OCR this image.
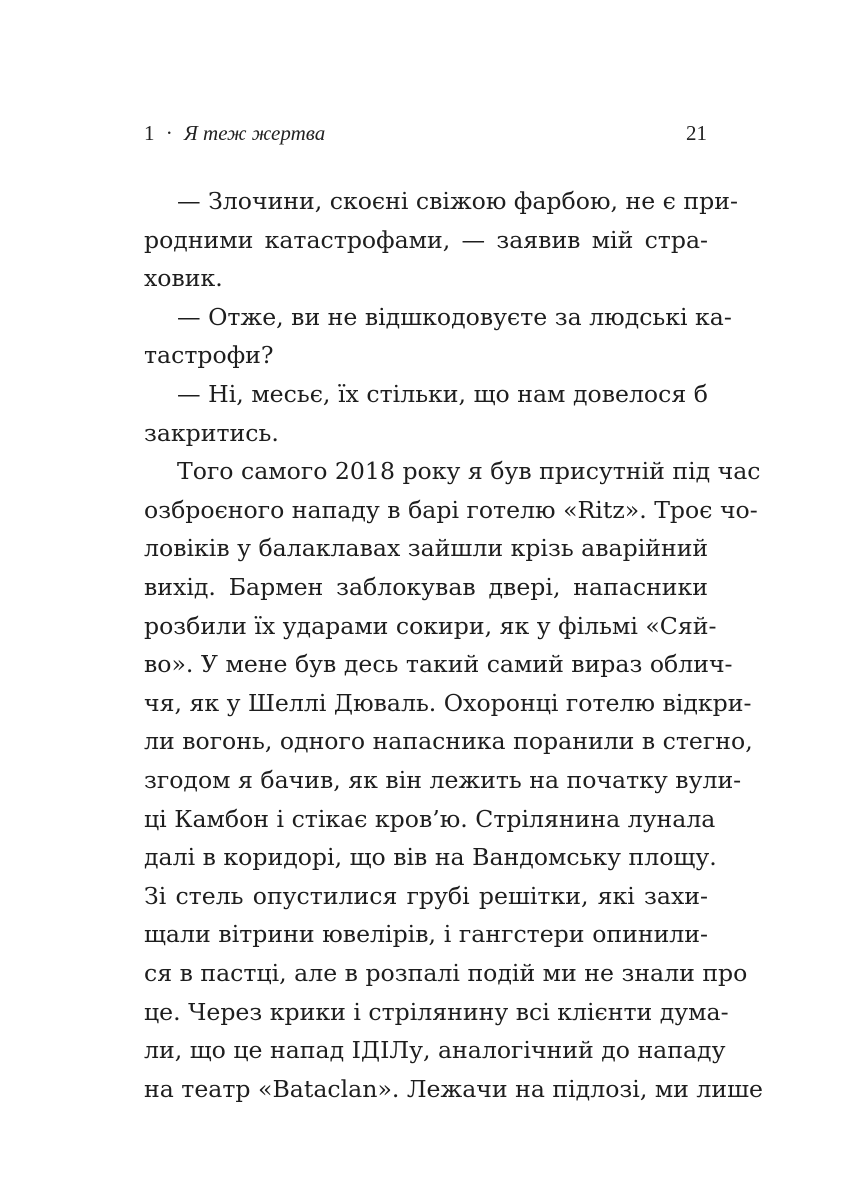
1 · Я теж жертва	21
— Злочини, скоєні свіжою фарбою, не є при-
родними катастрофами, — заявив мій стра-
ховик.
— Отже, ви не відшкодовуєте за людські ка-
тастрофи?
— Ні, месьє, їх стільки, що нам довелося б
закритись.
Того самого 2018 року я був присутній під час
озброєного нападу в барі готелю «Ritz». Троє чо-
ловіків у балаклавах зайшли крізь аварійний
вихід. Бармен заблокував двері, напасники
розбили їх ударами сокири, як у фільмі «Сяй-
во». У мене був десь такий самий вираз облич-
чя, як у Шеллі Дюваль. Охоронці готелю відкри-
ли вогонь, одного напасника поранили в стегно,
згодом я бачив, як він лежить на початку вули-
ці Камбон і стікає кров’ю. Стрілянина лунала
далі в коридорі, що вів на Вандомську площу.
Зі стель опустилися грубі решітки, які захи-
щали вітрини ювелірів, і гангстери опинили-
ся в пастці, але в розпалі подій ми не знали про
це. Через крики і стрілянину всі клієнти дума-
ли, що це напад ІДІЛу, аналогічний до нападу
на театр «Bataclan». Лежачи на підлозі, ми лише
